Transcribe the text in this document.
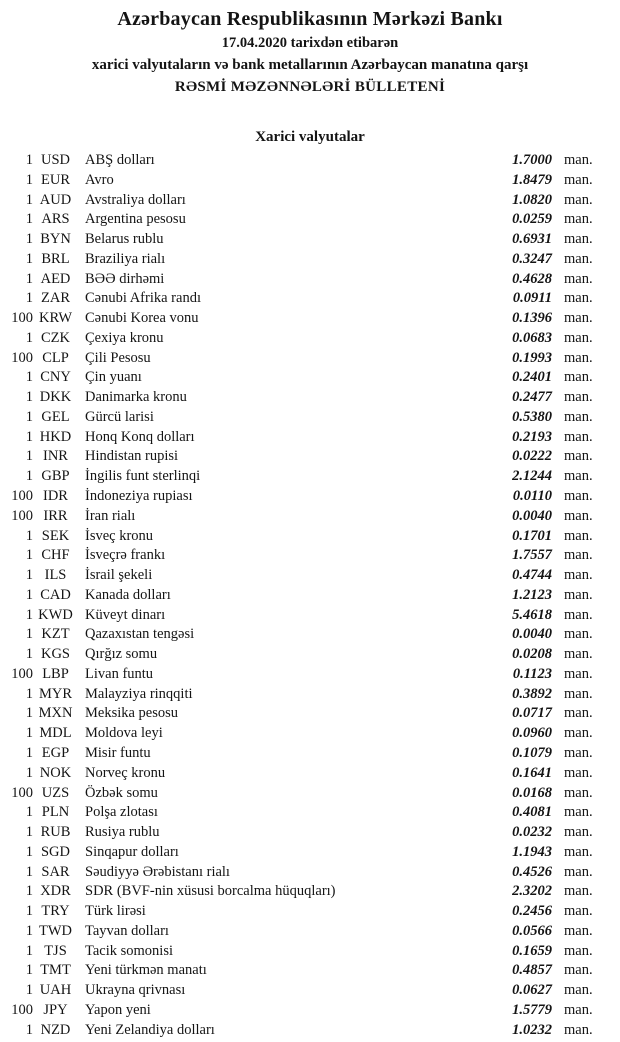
Azərbaycan Respublikasının Mərkəzi Bankı
17.04.2020 tarixdən etibarən
xarici valyutaların və bank metallarının Azərbaycan manatına qarşı
RƏSMİ MƏZƏNNƏLƏRİ BÜLLETENİ
Xarici valyutalar
1 USD	ABŞ dolları	1.7000 man.
1 EUR	Avro	1.8479 man.
1 AUD Avstraliya dolları	1.0820 man.
1 ARS	Argentina pesosu	0.0259 man.
1 BYN Belarus rublu	0.6931 man.
1 BRL	Braziliya rialı	0.3247 man.
1 AED	BƏƏ dirhəmi	0.4628 man.
1 ZAR	Cənubi Afrika randı	0.0911 man.
100 KRW Cənubi Korea vonu	0.1396 man.
1 CZK	Çexiya kronu	0.0683 man.
100 CLP	Çili Pesosu	0.1993 man.
1 CNY Çin yuanı	0.2401 man.
1 DKK Danimarka kronu	0.2477 man.
1 GEL	Gürcü larisi	0.5380 man.
1 HKD Honq Konq dolları	0.2193 man.
1 INR	Hindistan rupisi	0.0222 man.
1 GBP	İngilis funt sterlinqi	2.1244 man.
100 IDR	İndoneziya rupiası	0.0110 man.
100 IRR	İran rialı	0.0040 man.
1 SEK	İsveç kronu	0.1701 man.
1 CHF	İsveçrə frankı	1.7557 man.
1 ILS	İsrail şekeli	0.4744 man.
1 CAD Kanada dolları	1.2123 man.
1 KWD Küveyt dinarı	5.4618 man.
1 KZT	Qazaxıstan tengəsi	0.0040 man.
1 KGS	Qırğız somu	0.0208 man.
100 LBP	Livan funtu	0.1123 man.
1 MYR Malayziya rinqqiti	0.3892 man.
1 MXN Meksika pesosu	0.0717 man.
1 MDL Moldova leyi	0.0960 man.
1 EGP	Misir funtu	0.1079 man.
1 NOK Norveç kronu	0.1641 man.
100 UZS	Özbək somu	0.0168 man.
1 PLN	Polşa zlotası	0.4081 man.
1 RUB	Rusiya rublu	0.0232 man.
1 SGD	Sinqapur dolları	1.1943 man.
1 SAR	Səudiyyə Ərəbistanı rialı	0.4526 man.
1 XDR SDR (BVF-nin xüsusi borcalma hüquqları)	2.3202 man.
1 TRY	Türk lirəsi	0.2456 man.
1 TWD Tayvan dolları	0.0566 man.
1 TJS	Tacik somonisi	0.1659 man.
1 TMT Yeni türkmən manatı	0.4857 man.
1 UAH Ukrayna qrivnası	0.0627 man.
100 JPY	Yapon yeni	1.5779 man.
1 NZD	Yeni Zelandiya dolları	1.0232 man.
